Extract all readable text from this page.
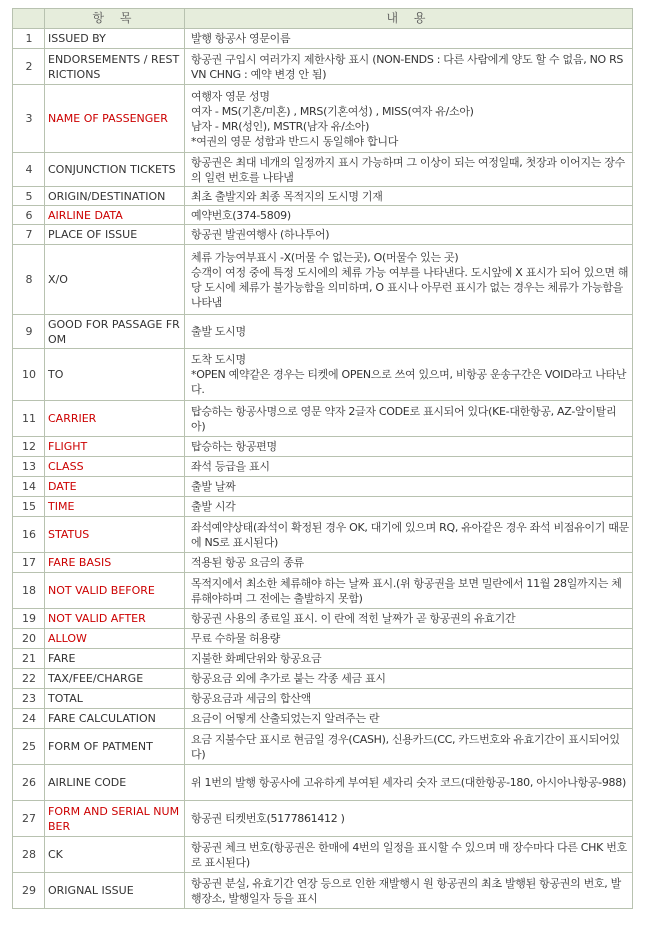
	항 목	내 용
1	ISSUED BY	발행 항공사 영문이름

2	ENDORSEMENTS / RESTRICTIONS	항공권 구입시 여러가지 제한사항 표시 (NON-ENDS : 다른 사람에게 양도 할 수 없음, NO RSVN CHNG : 예약 변경 안 됨)

3	NAME OF PASSENGER	여행자 영문 성명
여자 - MS(기혼/미혼) , MRS(기혼여성) , MISS(여자 유/소아)
남자 - MR(성인), MSTR(남자 유/소아)
*여권의 영문 성함과 반드시 동일해야 합니다

4	CONJUNCTION TICKETS	항공권은 최대 네개의 일정까지 표시 가능하며 그 이상이 되는 여정일때, 첫장과 이어지는 장수의 일련 번호를 나타냄

5	ORIGIN/DESTINATION	최초 출발지와 최종 목적지의 도시명 기재

6	AIRLINE DATA	예약번호(374-5809)

7	PLACE OF ISSUE	항공권 발권여행사 (하나투어)

8	X/O	체류 가능여부표시 -X(머물 수 없는곳), O(머물수 있는 곳)
승객이 여정 중에 특정 도시에의 체류 가능 여부를 나타낸다. 도시앞에 X 표시가 되어 있으면 해당 도시에 체류가 불가능함을 의미하며, O 표시나 아무런 표시가 없는 경우는 체류가 가능함을 나타냄

9	GOOD FOR PASSAGE FROM	출발 도시명

10	TO	도착 도시명
*OPEN 예약같은 경우는 티켓에 OPEN으로 쓰여 있으며, 비항공 운송구간은 VOID라고 나타난다.

11	CARRIER	탑승하는 항공사명으로 영문 약자 2글자 CODE로 표시되어 있다(KE-대한항공, AZ-알이탈리아)

12	FLIGHT	탑승하는 항공편명

13	CLASS	좌석 등급을 표시

14	DATE	출발 날짜

15	TIME	출발 시각

16	STATUS	좌석예약상태(좌석이 확정된 경우 OK, 대기에 있으며 RQ, 유아같은 경우 좌석 비점유이기 때문에 NS로 표시된다)

17	FARE BASIS	적용된 항공 요금의 종류

18	NOT VALID BEFORE	목적지에서 최소한 체류해야 하는 날짜 표시.(위 항공권을 보면 밀란에서 11월 28일까지는 체류해야하며 그 전에는 출발하지 못함)

19	NOT VALID AFTER	항공권 사용의 종료일 표시. 이 란에 적힌 날짜가 곧 항공권의 유효기간

20	ALLOW	무료 수하물 허용량

21	FARE	지불한 화폐단위와 항공요금

22	TAX/FEE/CHARGE	항공요금 외에 추가로 붙는 각종 세금 표시

23	TOTAL	항공요금과 세금의 합산액

24	FARE CALCULATION	요금이 어떻게 산출되었는지 알려주는 란

25	FORM OF PATMENT	요금 지불수단 표시로 현금일 경우(CASH), 신용카드(CC, 카드번호와 유효기간이 표시되어있다)

26	AIRLINE CODE	위 1번의 발행 항공사에 고유하게 부여된 세자리 숫자 코드(대한항공-180, 아시아나항공-988)

27	FORM AND SERIAL NUMBER	항공권 티켓번호(5177861412 )

28	CK	항공권 체크 번호(항공권은 한매에 4번의 일정을 표시할 수 있으며 매 장수마다 다른 CHK 번호로 표시된다)

29	ORIGNAL ISSUE	항공권 분실, 유효기간 연장 등으로 인한 재발행시 원 항공권의 최초 발행된 항공권의 번호, 발행장소, 발행일자 등을 표시
